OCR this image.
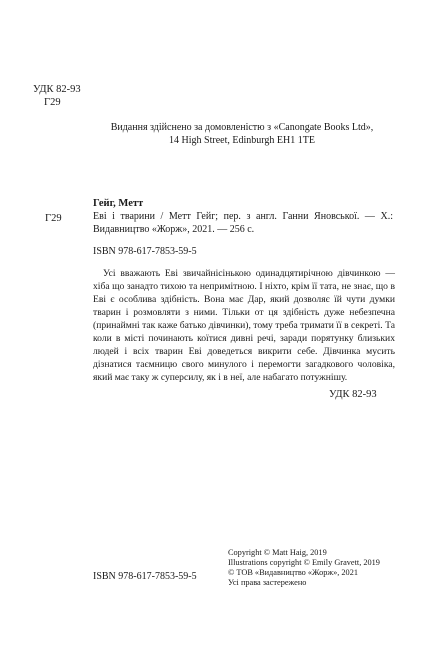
УДК 82-93
Г29
Видання здійснено за домовленістю з «Canongate Books Ltd»,
14 High Street, Edinburgh EH1 1TE
Гейг, Метт
Г29	Еві і тварини / Метт Гейг; пер. з англ. Ганни Яновської. — Х.: Видавництво «Жорж», 2021. — 256 с.
ISBN 978-617-7853-59-5
Усі вважають Еві звичайнісінькою одинадцятирічною дівчинкою — хіба що занадто тихою та непримітною. І ніхто, крім її тата, не знає, що в Еві є особлива здібність. Вона має Дар, який дозволяє їй чути думки тварин і розмовляти з ними. Тільки от ця здібність дуже небезпечна (принаймні так каже батько дівчинки), тому треба тримати її в секреті. Та коли в місті починають коїтися дивні речі, заради порятунку близьких людей і всіх тварин Еві доведеться викрити себе. Дівчинка мусить дізнатися таємницю свого минулого і перемогти загадкового чоловіка, який має таку ж суперсилу, як і в неї, але набагато потужнішу.
УДК 82-93
Copyright © Matt Haig, 2019
Illustrations copyright © Emily Gravett, 2019
© ТОВ «Видавництво «Жорж», 2021
Усі права застережено
ISBN 978-617-7853-59-5
